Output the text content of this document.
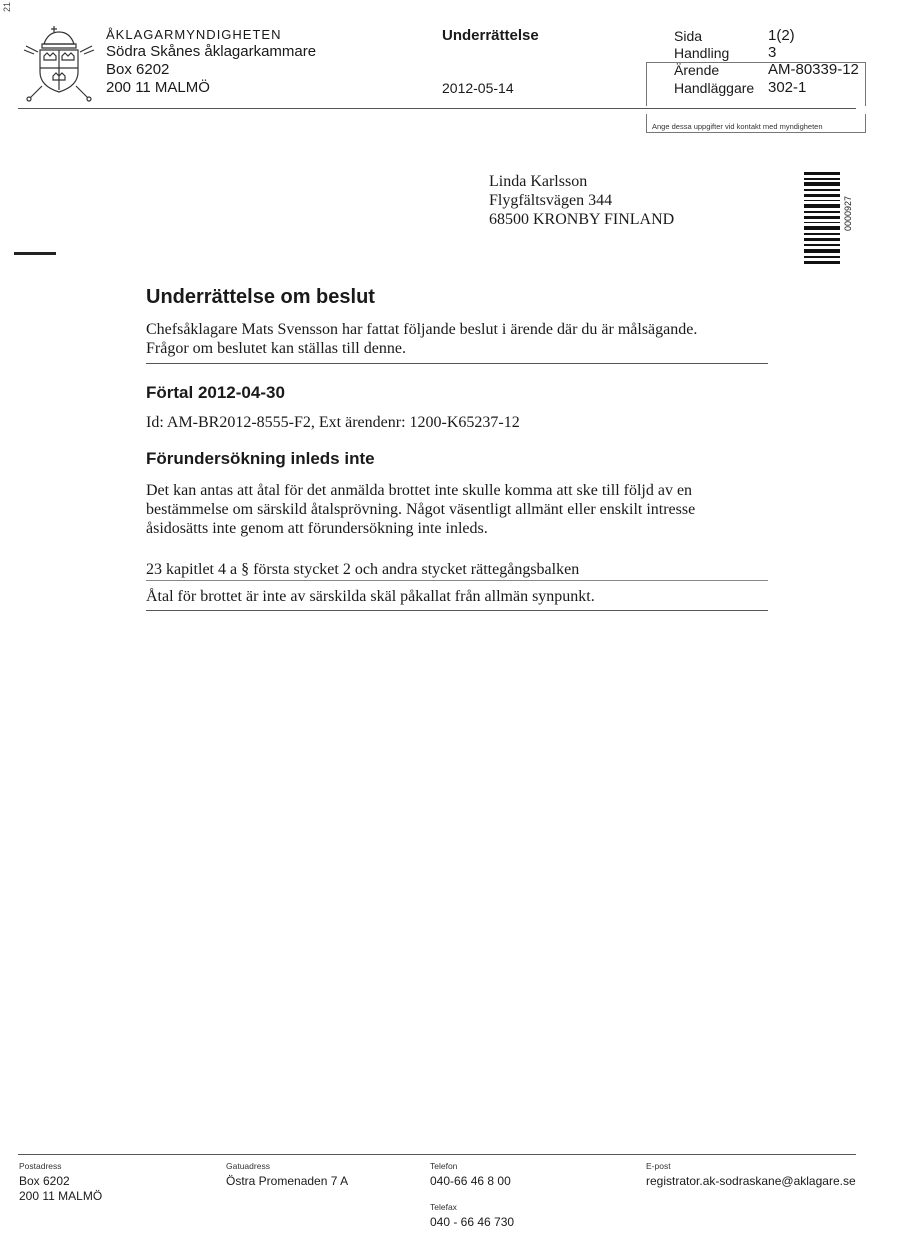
21
ÅKLAGARMYNDIGHETEN
Södra Skånes åklagarkammare
Box 6202
200 11 MALMÖ
Underrättelse
2012-05-14
Sida	1(2)
Handling	3
Ärende	AM-80339-12
Handläggare 302-1
Ange dessa uppgifter vid kontakt med myndigheten
Linda Karlsson
Flygfältsvägen 344
68500 KRONBY FINLAND	0000927
Underrättelse om beslut
Chefsåklagare Mats Svensson har fattat följande beslut i ärende där du är målsägande.
Frågor om beslutet kan ställas till denne.
Förtal 2012-04-30
Id: AM-BR2012-8555-F2, Ext ärendenr: 1200-K65237-12
Förundersökning inleds inte
Det kan antas att åtal för det anmälda brottet inte skulle komma att ske till följd av en
bestämmelse om särskild åtalsprövning. Något väsentligt allmänt eller enskilt intresse
åsidosätts inte genom att förundersökning inte inleds.
23 kapitlet 4 a § första stycket 2 och andra stycket rättegångsbalken
Åtal för brottet är inte av särskilda skäl påkallat från allmän synpunkt.
Postadress
Box 6202
200 11 MALMÖ
Gatuadress
Östra Promenaden 7 A
Telefon
040-66 46 8 00
Telefax
040 - 66 46 730
E-post
registrator.ak-sodraskane@aklagare.se
